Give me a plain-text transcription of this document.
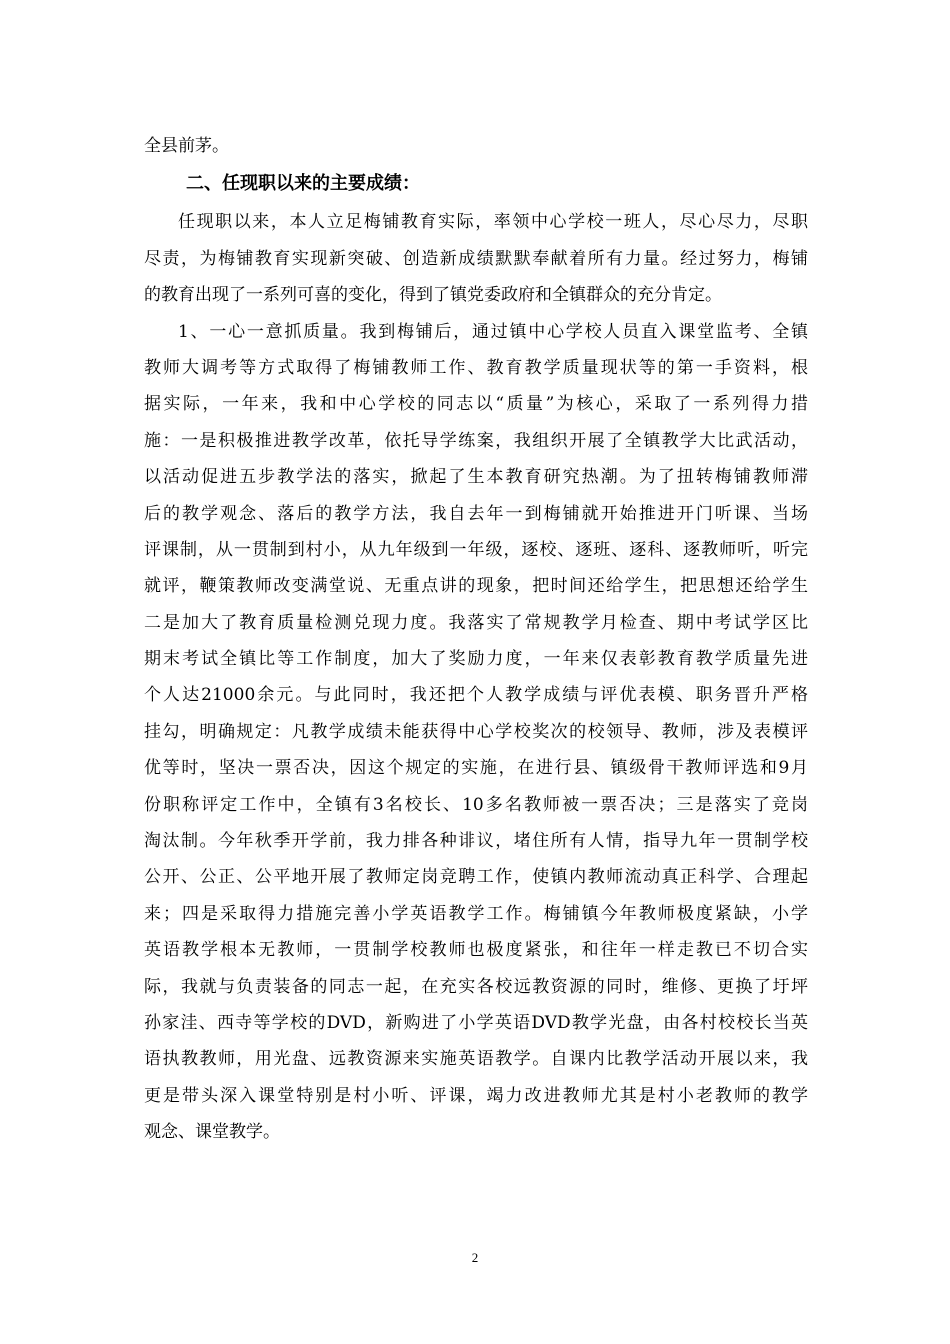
全县前茅。
二、任现职以来的主要成绩：
任现职以来，本人立足梅铺教育实际，率领中心学校一班人，尽心尽力，尽职
尽责，为梅铺教育实现新突破、创造新成绩默默奉献着所有力量。经过努力，梅铺
的教育出现了一系列可喜的变化，得到了镇党委政府和全镇群众的充分肯定。
1、一心一意抓质量。我到梅铺后，通过镇中心学校人员直入课堂监考、全镇
教师大调考等方式取得了梅铺教师工作、教育教学质量现状等的第一手资料，根
据实际，一年来，我和中心学校的同志以“质量”为核心，采取了一系列得力措
施：一是积极推进教学改革，依托导学练案，我组织开展了全镇教学大比武活动，
以活动促进五步教学法的落实，掀起了生本教育研究热潮。为了扭转梅铺教师滞
后的教学观念、落后的教学方法，我自去年一到梅铺就开始推进开门听课、当场
评课制，从一贯制到村小，从九年级到一年级，逐校、逐班、逐科、逐教师听，听完
就评，鞭策教师改变满堂说、无重点讲的现象，把时间还给学生，把思想还给学生
二是加大了教育质量检测兑现力度。我落实了常规教学月检查、期中考试学区比
期末考试全镇比等工作制度，加大了奖励力度，一年来仅表彰教育教学质量先进
个人达21000余元。与此同时，我还把个人教学成绩与评优表模、职务晋升严格
挂勾，明确规定：凡教学成绩未能获得中心学校奖次的校领导、教师，涉及表模评
优等时，坚决一票否决，因这个规定的实施，在进行县、镇级骨干教师评选和9月
份职称评定工作中，全镇有3名校长、10多名教师被一票否决；三是落实了竞岗
淘汰制。今年秋季开学前，我力排各种诽议，堵住所有人情，指导九年一贯制学校
公开、公正、公平地开展了教师定岗竞聘工作，使镇内教师流动真正科学、合理起
来；四是采取得力措施完善小学英语教学工作。梅铺镇今年教师极度紧缺，小学
英语教学根本无教师，一贯制学校教师也极度紧张，和往年一样走教已不切合实
际，我就与负责装备的同志一起，在充实各校远教资源的同时，维修、更换了圩坪
孙家洼、西寺等学校的DVD，新购进了小学英语DVD教学光盘，由各村校校长当英
语执教教师，用光盘、远教资源来实施英语教学。自课内比教学活动开展以来，我
更是带头深入课堂特别是村小听、评课，竭力改进教师尤其是村小老教师的教学
观念、课堂教学。
2
